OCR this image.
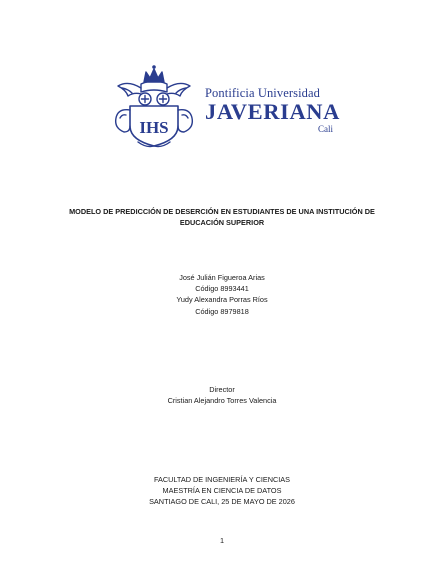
IHS
Pontificia Universidad
JAVERIANA
Cali
MODELO DE PREDICCIÓN DE DESERCIÓN EN ESTUDIANTES DE UNA INSTITUCIÓN DE
EDUCACIÓN SUPERIOR
José Julián Figueroa Arias
Código 8993441
Yudy Alexandra Porras Ríos
Código 8979818
Director
Cristian Alejandro Torres Valencia
FACULTAD DE INGENIERÍA Y CIENCIAS
MAESTRÍA EN CIENCIA DE DATOS
SANTIAGO DE CALI, 25 DE MAYO DE 2026
1
